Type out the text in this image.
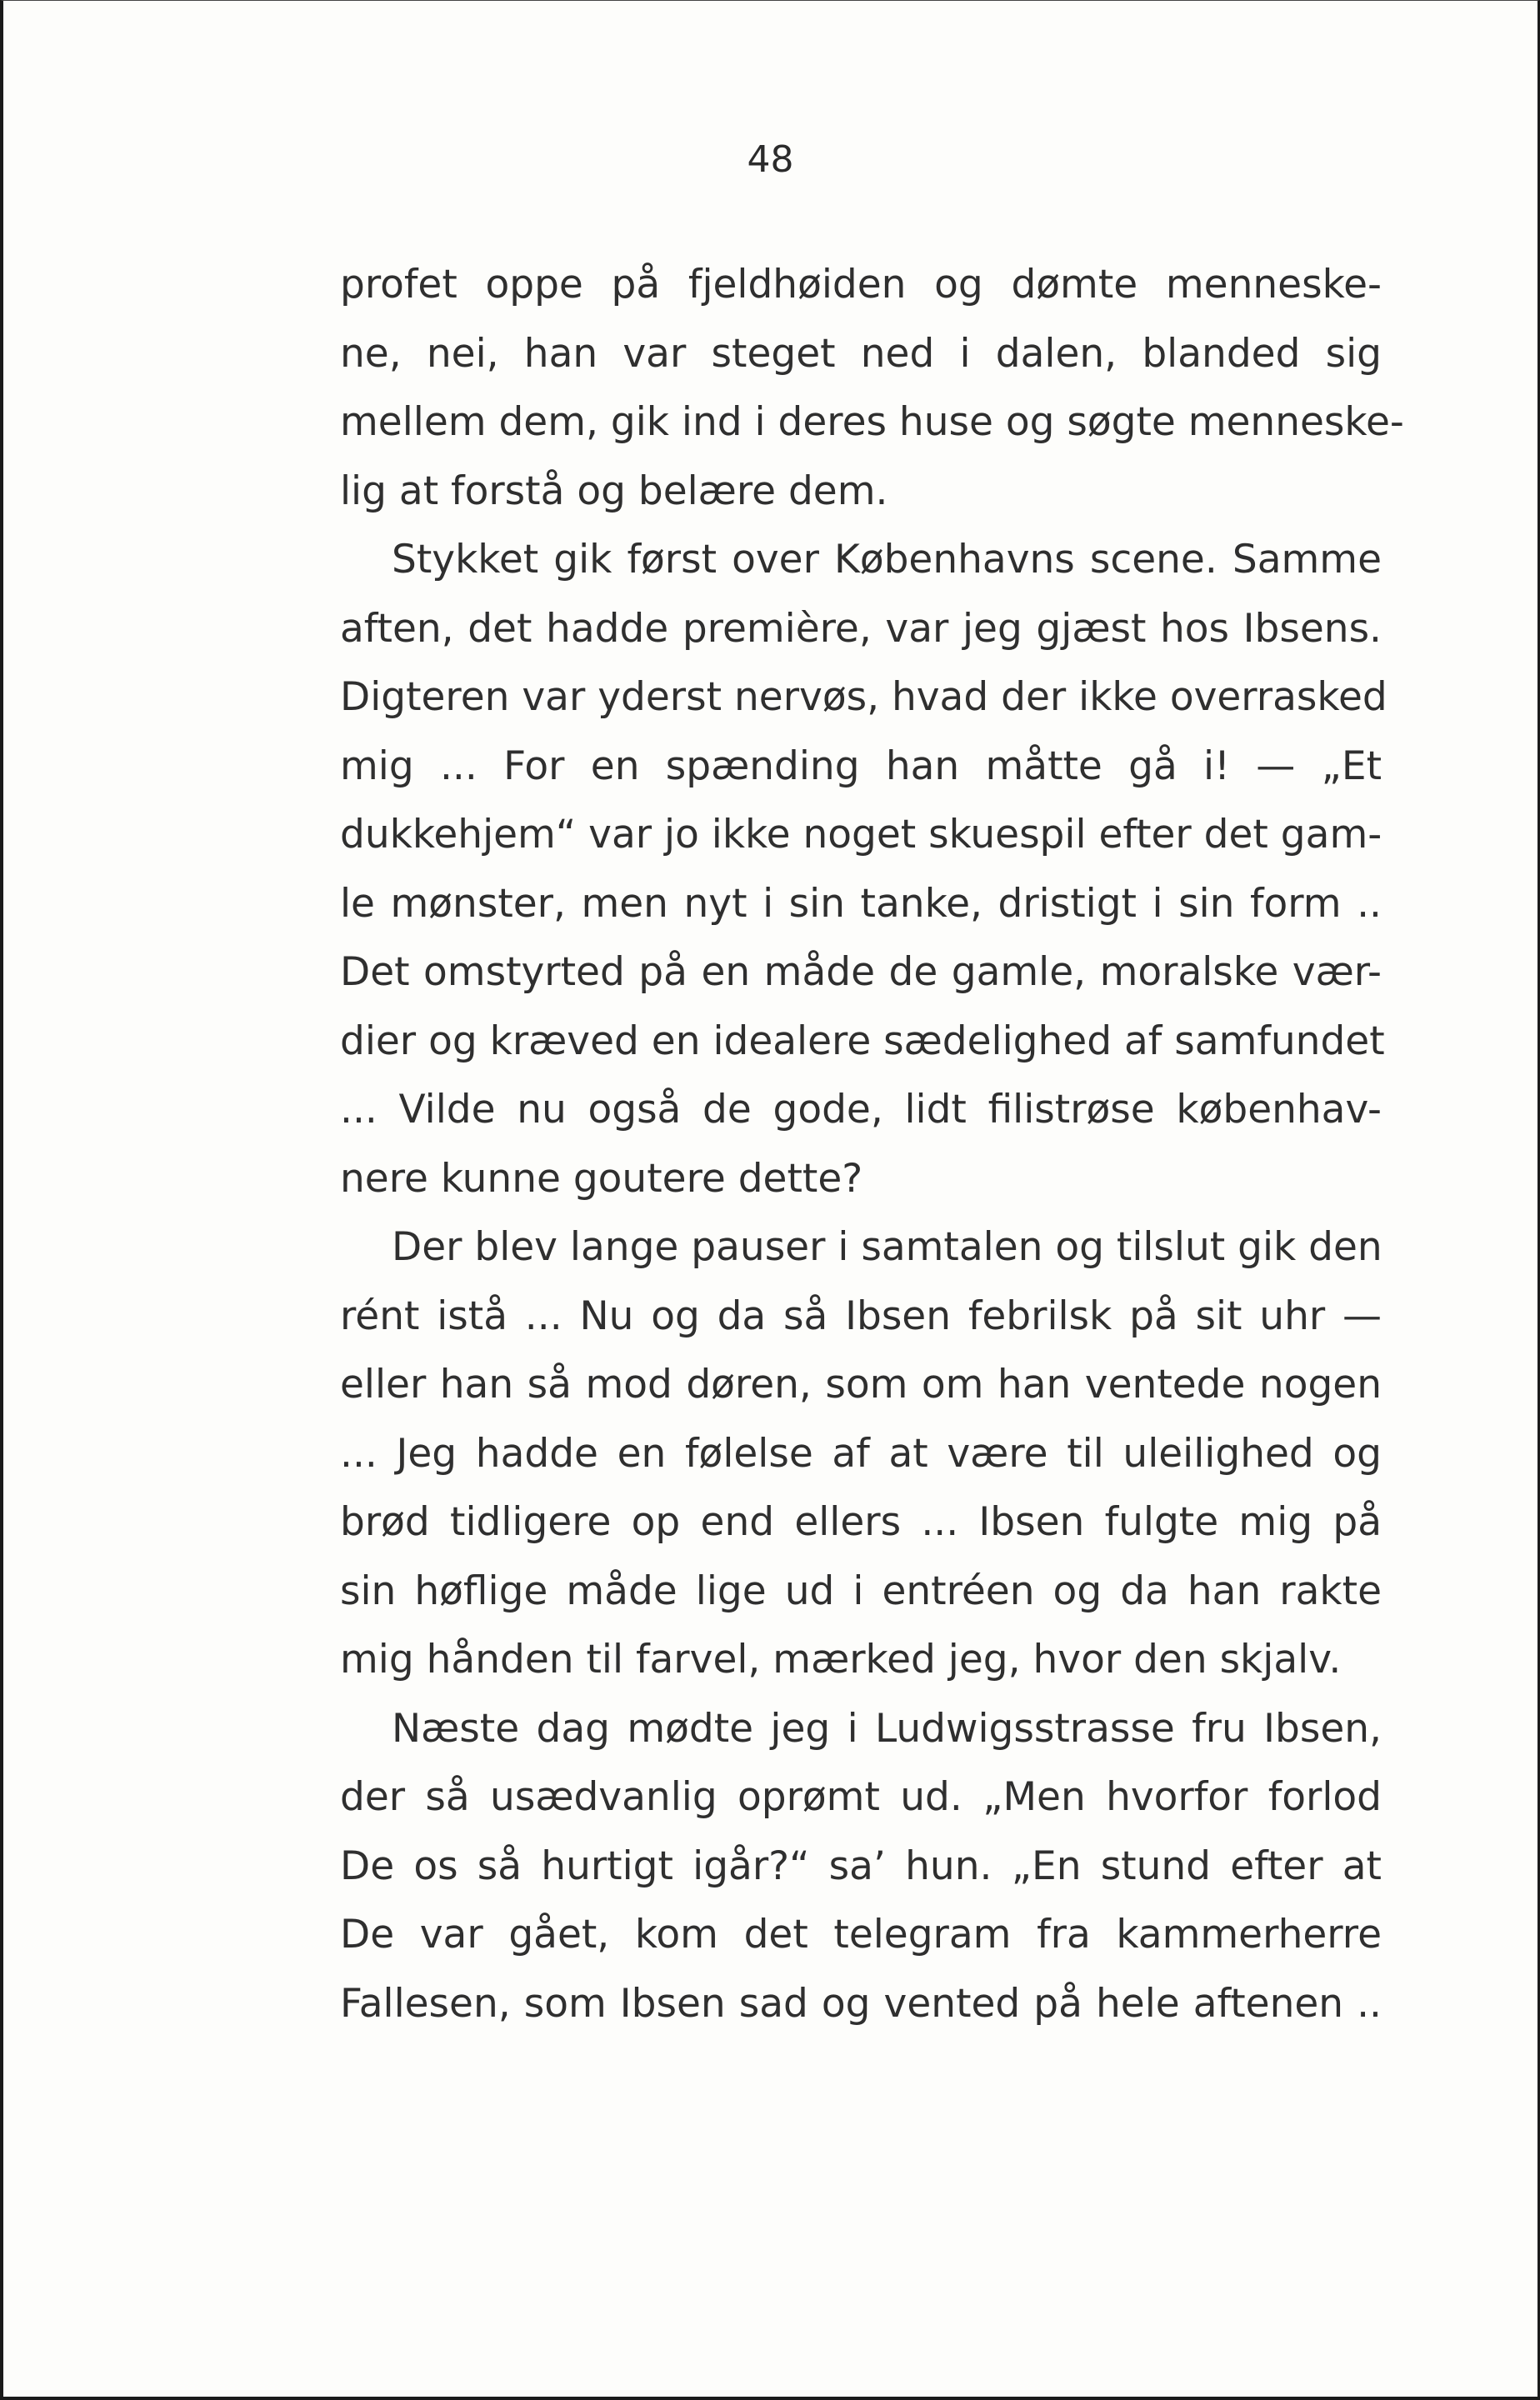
48
profet oppe på fjeldhøiden og dømte menneske-
ne, nei, han var steget ned i dalen, blanded sig
mellem dem, gik ind i deres huse og søgte menneske-
lig at forstå og belære dem.
Stykket gik først over Københavns scene. Samme
aften, det hadde première, var jeg gjæst hos Ibsens.
Digteren var yderst nervøs, hvad der ikke overrasked
mig ... For en spænding han måtte gå i! — „Et
dukkehjem“ var jo ikke noget skuespil efter det gam-
le mønster, men nyt i sin tanke, dristigt i sin form ..
Det omstyrted på en måde de gamle, moralske vær-
dier og kræved en idealere sædelighed af samfundet
... Vilde nu også de gode, lidt filistrøse københav-
nere kunne goutere dette?
Der blev lange pauser i samtalen og tilslut gik den
rént istå ... Nu og da så Ibsen febrilsk på sit uhr —
eller han så mod døren, som om han ventede nogen
... Jeg hadde en følelse af at være til uleilighed og
brød tidligere op end ellers ... Ibsen fulgte mig på
sin høflige måde lige ud i entréen og da han rakte
mig hånden til farvel, mærked jeg, hvor den skjalv.
Næste dag mødte jeg i Ludwigsstrasse fru Ibsen,
der så usædvanlig oprømt ud. „Men hvorfor forlod
De os så hurtigt igår?“ sa’ hun. „En stund efter at
De var gået, kom det telegram fra kammerherre
Fallesen, som Ibsen sad og vented på hele aftenen ..
